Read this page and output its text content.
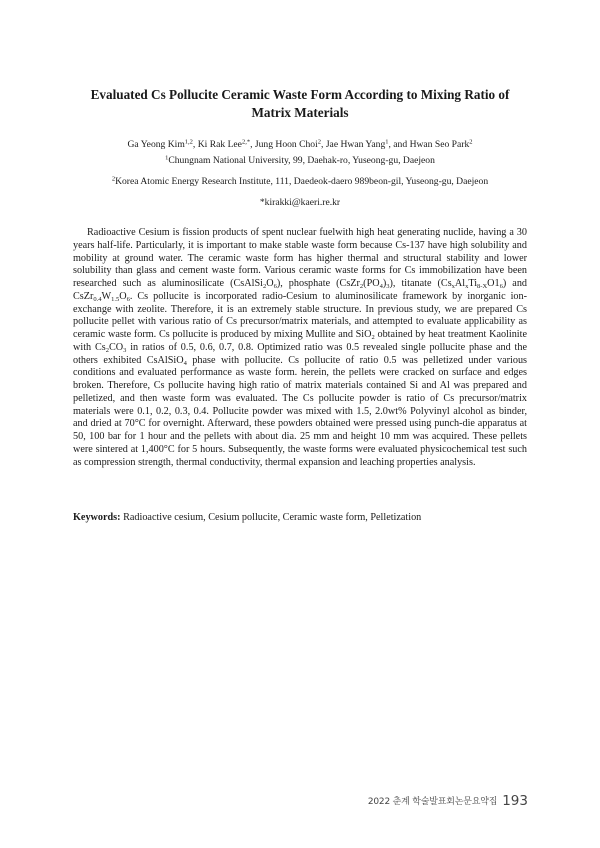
Evaluated Cs Pollucite Ceramic Waste Form According to Mixing Ratio of Matrix Materials
Ga Yeong Kim$^{1,2}$, Ki Rak Lee$^{2,*}$, Jung Hoon Choi$^2$, Jae Hwan Yang$^1$, and Hwan Seo Park$^2$
$^1$Chungnam National University, 99, Daehak-ro, Yuseong-gu, Daejeon
$^2$Korea Atomic Energy Research Institute, 111, Daedeok-daero 989beon-gil, Yuseong-gu, Daejeon
*kirakki@kaeri.re.kr

Radioactive Cesium is fission products of spent nuclear fuelwith high heat generating nuclide, having a 30 years half-life. Particularly, it is important to make stable waste form because Cs-137 have high solubility and mobility at ground water. The ceramic waste form has higher thermal and structural stability and lower solubility than glass and cement waste form. Various ceramic waste forms for Cs immobilization have been researched such as aluminosilicate $(CsAlSi_2O_6)$, phosphate $(CsZr_2(PO_4)_3)$, titanate $(Cs_xAl_xTi_{8-X}O1_6)$ and $CsZr_{0.4}W_{1.5}O_6$. Cs pollucite is incorporated radio-Cesium to aluminosilicate framework by inorganic ion-exchange with zeolite. Therefore, it is an extremely stable structure. In previous study, we are prepared Cs pollucite pellet with various ratio of Cs precursor/matrix materials, and attempted to evaluate applicability as ceramic waste form. Cs pollucite is produced by mixing Mullite and SiO$_2$ obtained by heat treatment Kaolinite with $Cs_2CO_3$ in ratios of 0.5, 0.6, 0.7, 0.8. Optimized ratio was 0.5 revealed single pollucite phase and the others exhibited CsAlSiO$_4$ phase with pollucite. Cs pollucite of ratio 0.5 was pelletized under various conditions and evaluated performance as waste form. herein, the pellets were cracked on surface and edges broken. Therefore, Cs pollucite having high ratio of matrix materials contained Si and Al was prepared and pelletized, and then waste form was evaluated. The Cs pollucite powder is ratio of Cs precursor/matrix materials were 0.1, 0.2, 0.3, 0.4. Pollucite powder was mixed with 1.5, 2.0wt% Polyvinyl alcohol as binder, and dried at 70°C for overnight. Afterward, these powders obtained were pressed using punch-die apparatus at 50, 100 bar for 1 hour and the pellets with about dia. 25 mm and height 10 mm was acquired. These pellets were sintered at 1,400°C for 5 hours. Subsequently, the waste forms were evaluated physicochemical test such as compression strength, thermal conductivity, thermal expansion and leaching properties analysis.

Keywords: Radioactive cesium, Cesium pollucite, Ceramic waste form, Pelletization

2022 춘계 학술발표회논문요약집 193
